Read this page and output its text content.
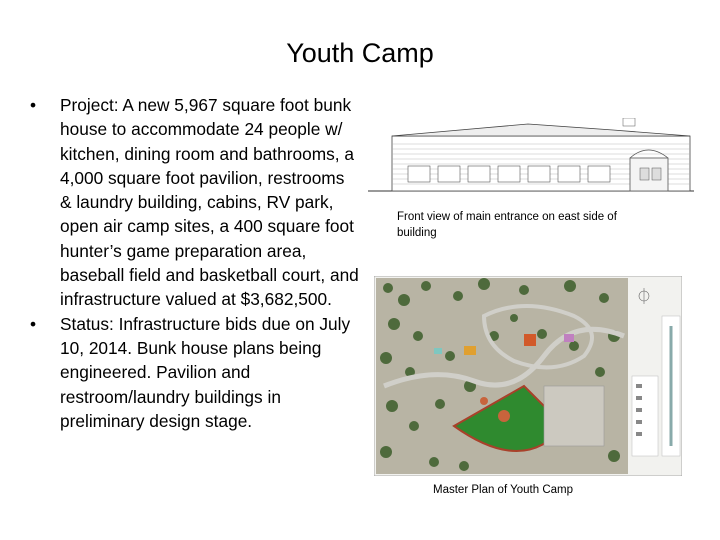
Youth Camp
• Project: A new 5,967 square foot bunk house to accommodate 24 people w/ kitchen, dining room and bathrooms, a 4,000 square foot pavilion, restrooms & laundry building, cabins, RV park, open air camp sites, a 400 square foot hunter’s game preparation area, baseball field and basketball court, and infrastructure valued at $3,682,500.
• Status: Infrastructure bids due on July 10, 2014. Bunk house plans being engineered. Pavilion and restroom/laundry buildings in preliminary design stage.
Front view of main entrance on east side of building
Master Plan of Youth Camp
